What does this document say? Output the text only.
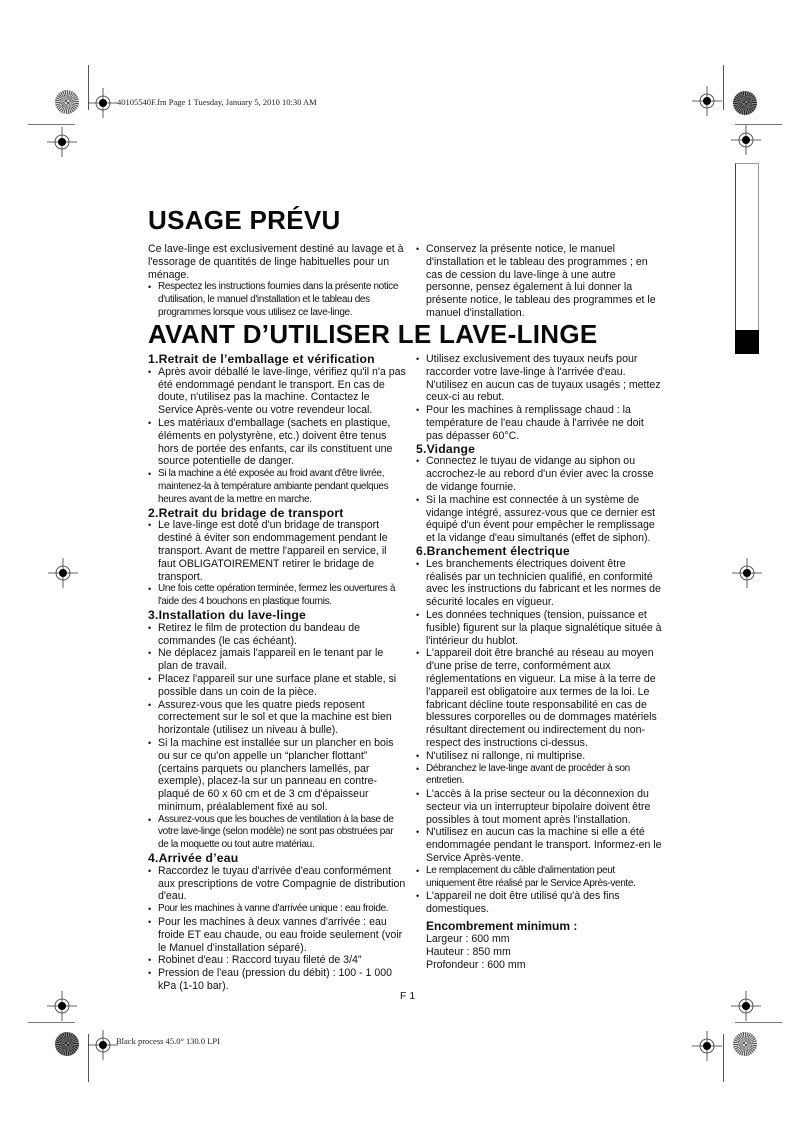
40105540F.fm Page 1 Tuesday, January 5, 2010 10:30 AM
Black process 45.0° 130.0 LPI
USAGE PRÉVU

Ce lave-linge est exclusivement destiné au lavage et à l'essorage de quantités de linge habituelles pour un ménage.

• Respectez les instructions fournies dans la présente notice d'utilisation, le manuel d'installation et le tableau des programmes lorsque vous utilisez ce lave-linge.
• Conservez la présente notice, le manuel d'installation et le tableau des programmes ; en cas de cession du lave-linge à une autre personne, pensez également à lui donner la présente notice, le tableau des programmes et le manuel d'installation.
AVANT D’UTILISER LE LAVE-LINGE
1.Retrait de l’emballage et vérification
• Après avoir déballé le lave-linge, vérifiez qu'il n'a pas été endommagé pendant le transport. En cas de doute, n'utilisez pas la machine. Contactez le Service Après-vente ou votre revendeur local.
• Les matériaux d'emballage (sachets en plastique, éléments en polystyrène, etc.) doivent être tenus hors de portée des enfants, car ils constituent une source potentielle de danger.
• Si la machine a été exposée au froid avant d'être livrée, maintenez-la à température ambiante pendant quelques heures avant de la mettre en marche.
2.Retrait du bridage de transport
• Le lave-linge est doté d'un bridage de transport destiné à éviter son endommagement pendant le transport. Avant de mettre l'appareil en service, il faut OBLIGATOIREMENT retirer le bridage de transport.
• Une fois cette opération terminée, fermez les ouvertures à l'aide des 4 bouchons en plastique fournis.
3.Installation du lave-linge
• Retirez le film de protection du bandeau de commandes (le cas échéant).
• Ne déplacez jamais l'appareil en le tenant par le plan de travail.
• Placez l'appareil sur une surface plane et stable, si possible dans un coin de la pièce.
• Assurez-vous que les quatre pieds reposent correctement sur le sol et que la machine est bien horizontale (utilisez un niveau à bulle).
• Si la machine est installée sur un plancher en bois ou sur ce qu'on appelle un “plancher flottant” (certains parquets ou planchers lamellés, par exemple), placez-la sur un panneau en contre-plaqué de 60 x 60 cm et de 3 cm d'épaisseur minimum, préalablement fixé au sol.
• Assurez-vous que les bouches de ventilation à la base de votre lave-linge (selon modèle) ne sont pas obstruées par de la moquette ou tout autre matériau.
4.Arrivée d’eau
• Raccordez le tuyau d'arrivée d'eau conformément aux prescriptions de votre Compagnie de distribution d'eau.
• Pour les machines à vanne d'arrivée unique : eau froide.
• Pour les machines à deux vannes d'arrivée : eau froide ET eau chaude, ou eau froide seulement (voir le Manuel d'installation séparé).
• Robinet d'eau : Raccord tuyau fileté de 3/4"
• Pression de l'eau (pression du débit) : 100 - 1 000 kPa (1-10 bar).
• Utilisez exclusivement des tuyaux neufs pour raccorder votre lave-linge à l'arrivée d'eau. N'utilisez en aucun cas de tuyaux usagés ; mettez ceux-ci au rebut.
• Pour les machines à remplissage chaud : la température de l'eau chaude à l'arrivée ne doit pas dépasser 60°C.
5.Vidange
• Connectez le tuyau de vidange au siphon ou accrochez-le au rebord d'un évier avec la crosse de vidange fournie.
• Si la machine est connectée à un système de vidange intégré, assurez-vous que ce dernier est équipé d'un évent pour empêcher le remplissage et la vidange d'eau simultanés (effet de siphon).
6.Branchement électrique
• Les branchements électriques doivent être réalisés par un technicien qualifié, en conformité avec les instructions du fabricant et les normes de sécurité locales en vigueur.
• Les données techniques (tension, puissance et fusible) figurent sur la plaque signalétique située à l'intérieur du hublot.
• L'appareil doit être branché au réseau au moyen d'une prise de terre, conformément aux réglementations en vigueur. La mise à la terre de l'appareil est obligatoire aux termes de la loi. Le fabricant décline toute responsabilité en cas de blessures corporelles ou de dommages matériels résultant directement ou indirectement du non-respect des instructions ci-dessus.
• N'utilisez ni rallonge, ni multiprise.
• Débranchez le lave-linge avant de procéder à son entretien.
• L'accès à la prise secteur ou la déconnexion du secteur via un interrupteur bipolaire doivent être possibles à tout moment après l'installation.
• N'utilisez en aucun cas la machine si elle a été endommagée pendant le transport. Informez-en le Service Après-vente.
• Le remplacement du câble d'alimentation peut uniquement être réalisé par le Service Après-vente.
• L'appareil ne doit être utilisé qu'à des fins domestiques.
Encombrement minimum :
Largeur : 600 mm
Hauteur : 850 mm
Profondeur : 600 mm
F 1
